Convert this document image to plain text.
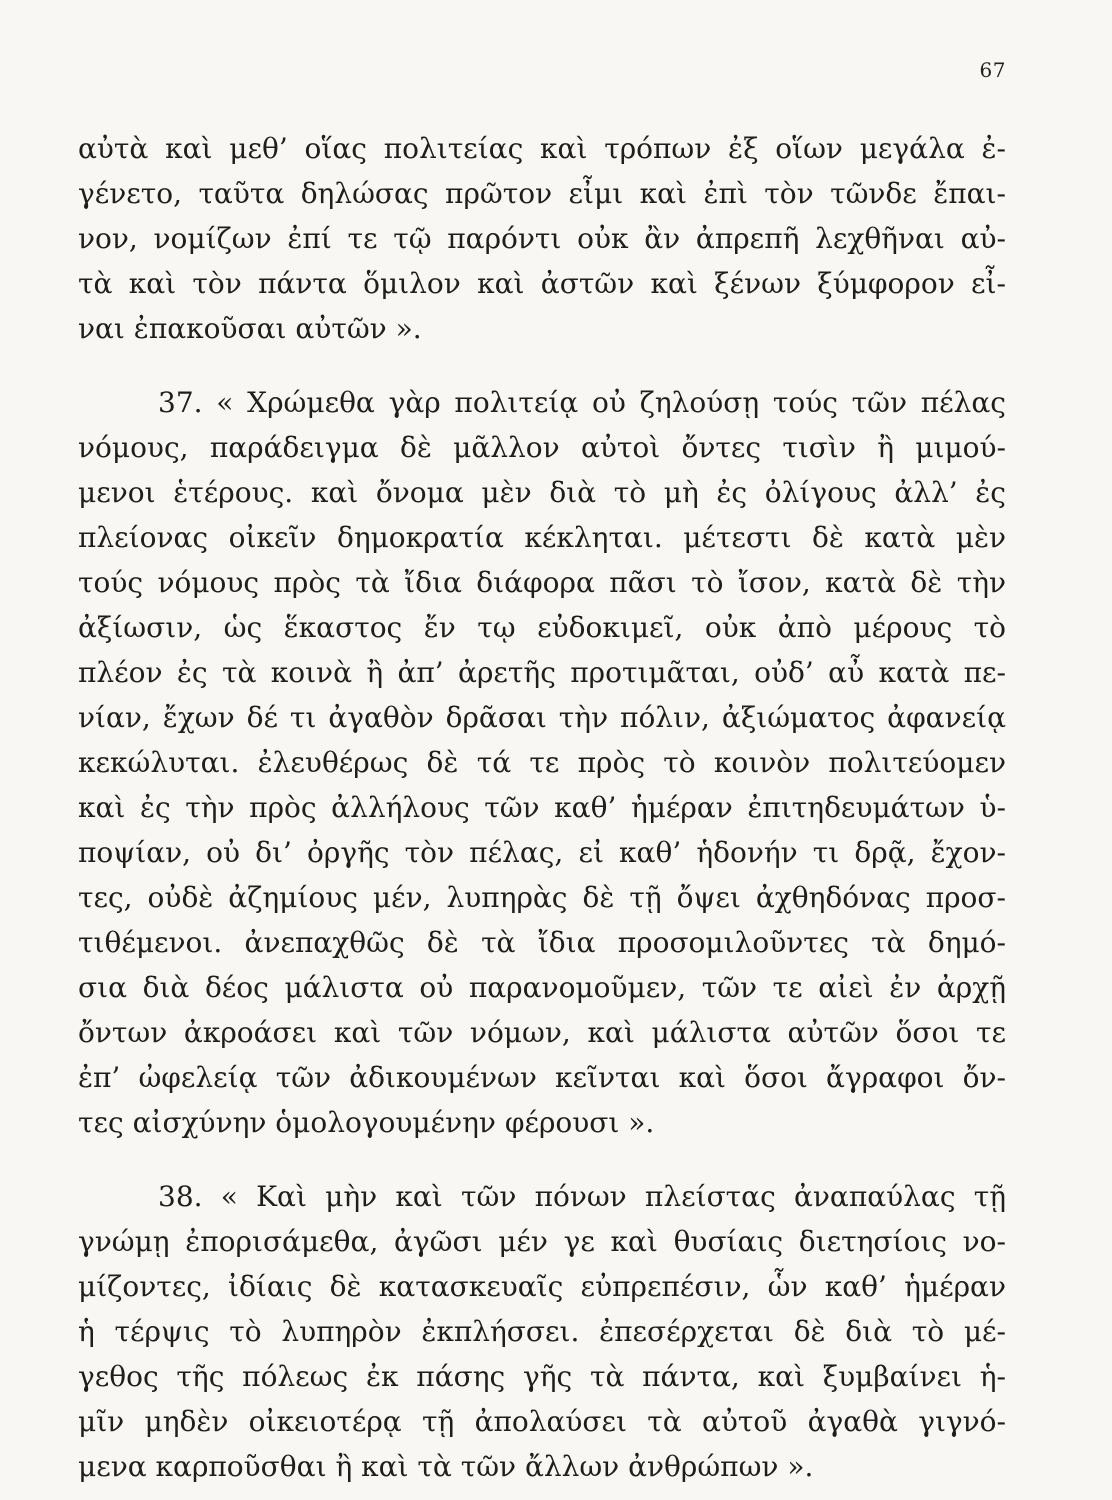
67
αὐτὰ καὶ μεθ’ οἵας πολιτείας καὶ τρόπων ἐξ οἵων μεγάλα ἐ-
γένετο, ταῦτα δηλώσας πρῶτον εἶμι καὶ ἐπὶ τὸν τῶνδε ἔπαι-
νον, νομίζων ἐπί τε τῷ παρόντι οὐκ ἂν ἀπρεπῆ λεχθῆναι αὐ-
τὰ καὶ τὸν πάντα ὅμιλον καὶ ἀστῶν καὶ ξένων ξύμφορον εἶ-
ναι ἐπακοῦσαι αὐτῶν ».
37. « Χρώμεθα γὰρ πολιτείᾳ οὐ ζηλούσῃ τούς τῶν πέλας
νόμους, παράδειγμα δὲ μᾶλλον αὐτοὶ ὄντες τισὶν ἢ μιμού-
μενοι ἑτέρους. καὶ ὄνομα μὲν διὰ τὸ μὴ ἐς ὀλίγους ἀλλ’ ἐς
πλείονας οἰκεῖν δημοκρατία κέκληται. μέτεστι δὲ κατὰ μὲν
τούς νόμους πρὸς τὰ ἴδια διάφορα πᾶσι τὸ ἴσον, κατὰ δὲ τὴν
ἀξίωσιν, ὡς ἕκαστος ἔν τῳ εὐδοκιμεῖ, οὐκ ἀπὸ μέρους τὸ
πλέον ἐς τὰ κοινὰ ἢ ἀπ’ ἀρετῆς προτιμᾶται, οὐδ’ αὖ κατὰ πε-
νίαν, ἔχων δέ τι ἀγαθὸν δρᾶσαι τὴν πόλιν, ἀξιώματος ἀφανείᾳ
κεκώλυται. ἐλευθέρως δὲ τά τε πρὸς τὸ κοινὸν πολιτεύομεν
καὶ ἐς τὴν πρὸς ἀλλήλους τῶν καθ’ ἡμέραν ἐπιτηδευμάτων ὑ-
ποψίαν, οὐ δι’ ὀργῆς τὸν πέλας, εἰ καθ’ ἡδονήν τι δρᾷ, ἔχον-
τες, οὐδὲ ἀζημίους μέν, λυπηρὰς δὲ τῇ ὄψει ἀχθηδόνας προσ-
τιθέμενοι. ἀνεπαχθῶς δὲ τὰ ἴδια προσομιλοῦντες τὰ δημό-
σια διὰ δέος μάλιστα οὐ παρανομοῦμεν, τῶν τε αἰεὶ ἐν ἀρχῇ
ὄντων ἀκροάσει καὶ τῶν νόμων, καὶ μάλιστα αὐτῶν ὅσοι τε
ἐπ’ ὠφελείᾳ τῶν ἀδικουμένων κεῖνται καὶ ὅσοι ἄγραφοι ὄν-
τες αἰσχύνην ὁμολογουμένην φέρουσι ».
38. « Καὶ μὴν καὶ τῶν πόνων πλείστας ἀναπαύλας τῇ
γνώμῃ ἐπορισάμεθα, ἀγῶσι μέν γε καὶ θυσίαις διετησίοις νο-
μίζοντες, ἰδίαις δὲ κατασκευαῖς εὐπρεπέσιν, ὧν καθ’ ἡμέραν
ἡ τέρψις τὸ λυπηρὸν ἐκπλήσσει. ἐπεσέρχεται δὲ διὰ τὸ μέ-
γεθος τῆς πόλεως ἐκ πάσης γῆς τὰ πάντα, καὶ ξυμβαίνει ἡ-
μῖν μηδὲν οἰκειοτέρᾳ τῇ ἀπολαύσει τὰ αὐτοῦ ἀγαθὰ γιγνό-
μενα καρποῦσθαι ἢ καὶ τὰ τῶν ἄλλων ἀνθρώπων ».
